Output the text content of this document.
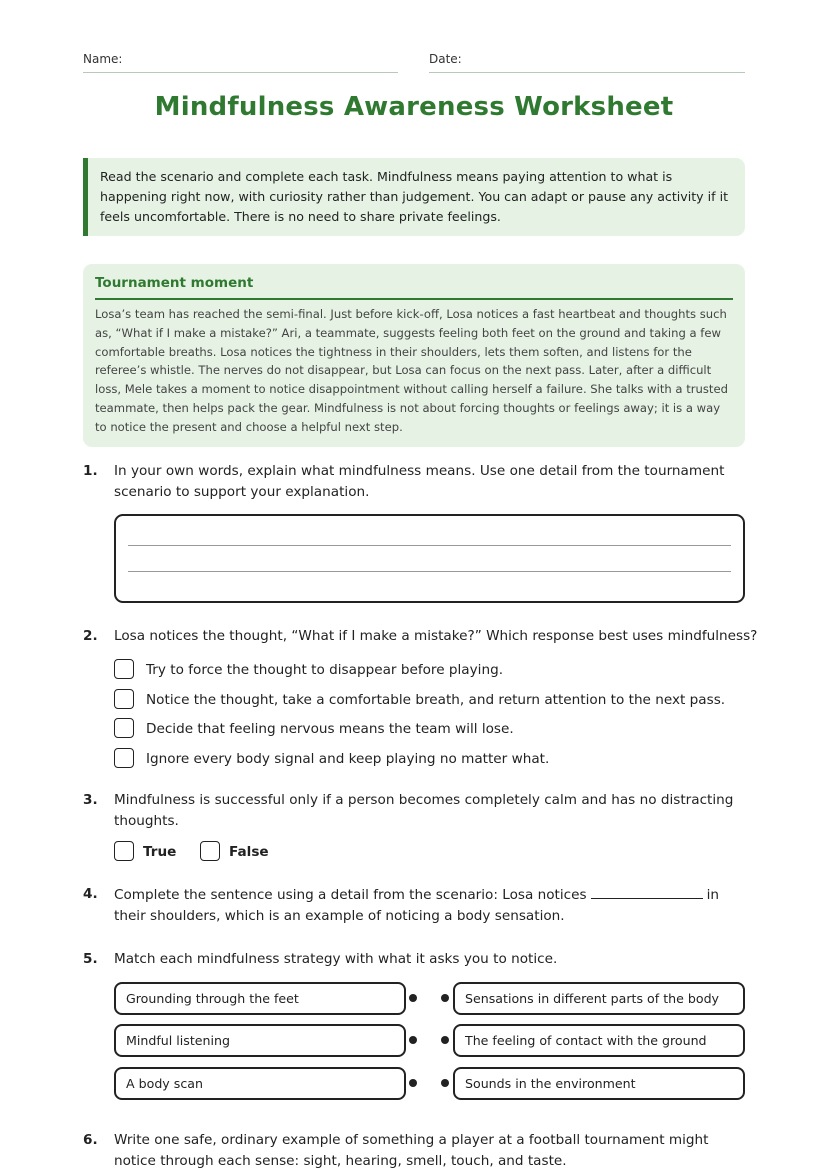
Name:	Date:
Mindfulness Awareness Worksheet
Read the scenario and complete each task. Mindfulness means paying attention to what is happening right now, with curiosity rather than judgement. You can adapt or pause any activity if it feels uncomfortable. There is no need to share private feelings.
Tournament moment
Losa’s team has reached the semi-final. Just before kick-off, Losa notices a fast heartbeat and thoughts such as, “What if I make a mistake?” Ari, a teammate, suggests feeling both feet on the ground and taking a few comfortable breaths. Losa notices the tightness in their shoulders, lets them soften, and listens for the referee’s whistle. The nerves do not disappear, but Losa can focus on the next pass. Later, after a difficult loss, Mele takes a moment to notice disappointment without calling herself a failure. She talks with a trusted teammate, then helps pack the gear. Mindfulness is not about forcing thoughts or feelings away; it is a way to notice the present and choose a helpful next step.
1. In your own words, explain what mindfulness means. Use one detail from the tournament scenario to support your explanation.
2. Losa notices the thought, “What if I make a mistake?” Which response best uses mindfulness?
Try to force the thought to disappear before playing.
Notice the thought, take a comfortable breath, and return attention to the next pass.
Decide that feeling nervous means the team will lose.
Ignore every body signal and keep playing no matter what.
3. Mindfulness is successful only if a person becomes completely calm and has no distracting thoughts.
True	False
4. Complete the sentence using a detail from the scenario: Losa notices	in their shoulders, which is an example of noticing a body sensation.
5. Match each mindfulness strategy with what it asks you to notice.
Grounding through the feet	Sensations in different parts of the body
Mindful listening	The feeling of contact with the ground
A body scan	Sounds in the environment
6. Write one safe, ordinary example of something a player at a football tournament might notice through each sense: sight, hearing, smell, touch, and taste.
